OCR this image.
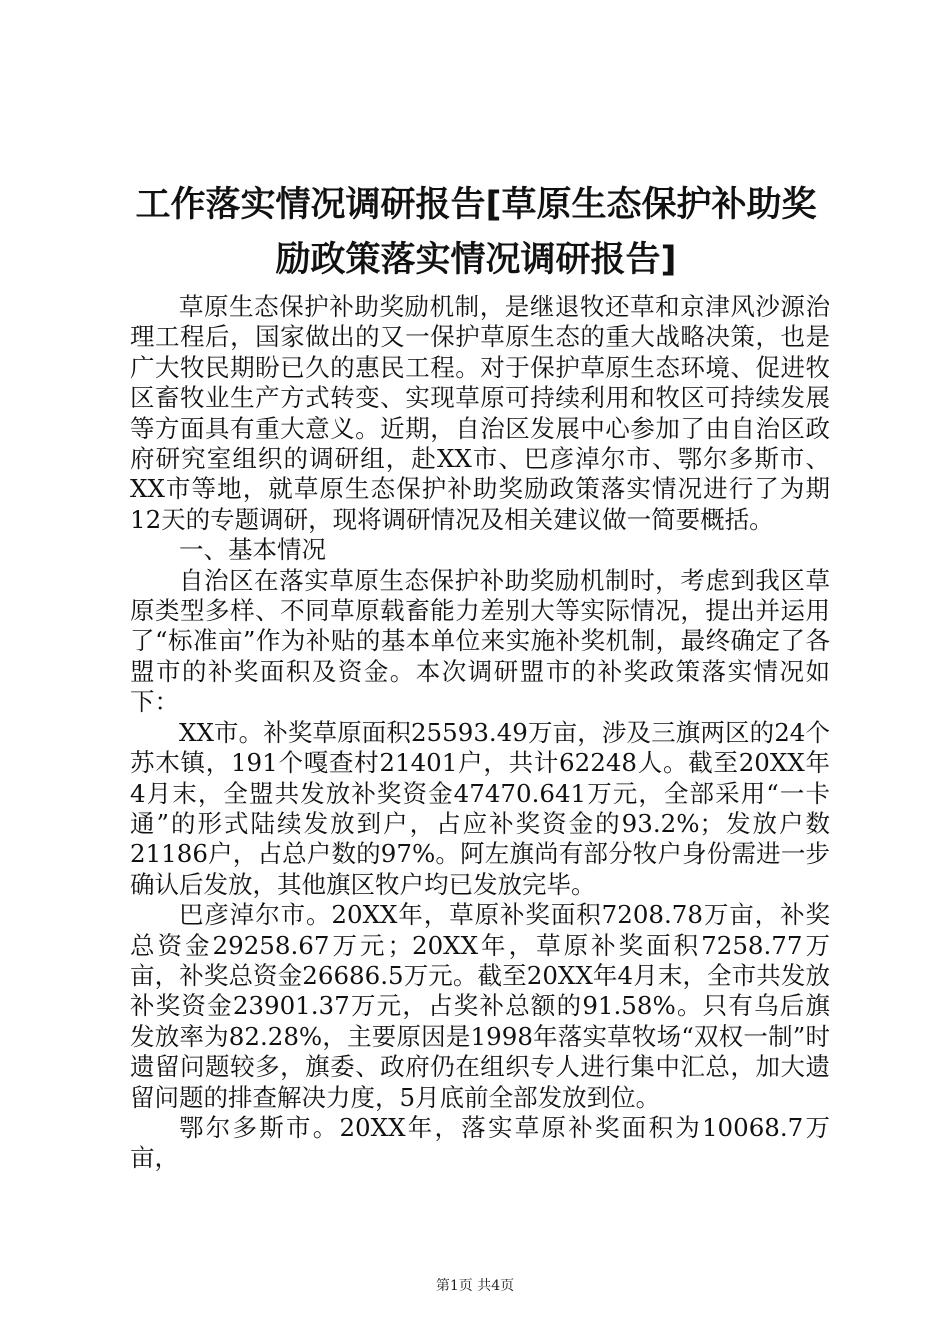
工作落实情况调研报告[草原生态保护补助奖励政策落实情况调研报告]

草原生态保护补助奖励机制，是继退牧还草和京津风沙源治理工程后，国家做出的又一保护草原生态的重大战略决策，也是广大牧民期盼已久的惠民工程。对于保护草原生态环境、促进牧区畜牧业生产方式转变、实现草原可持续利用和牧区可持续发展等方面具有重大意义。近期，自治区发展中心参加了由自治区政府研究室组织的调研组，赴XX市、巴彦淖尔市、鄂尔多斯市、XX市等地，就草原生态保护补助奖励政策落实情况进行了为期12天的专题调研，现将调研情况及相关建议做一简要概括。

一、基本情况

自治区在落实草原生态保护补助奖励机制时，考虑到我区草原类型多样、不同草原载畜能力差别大等实际情况，提出并运用了“标准亩”作为补贴的基本单位来实施补奖机制，最终确定了各盟市的补奖面积及资金。本次调研盟市的补奖政策落实情况如下：

XX市。补奖草原面积25593.49万亩，涉及三旗两区的24个苏木镇，191个嘎查村21401户，共计62248人。截至20XX年4月末，全盟共发放补奖资金47470.641万元，全部采用“一卡通”的形式陆续发放到户，占应补奖资金的93.2%；发放户数21186户，占总户数的97%。阿左旗尚有部分牧户身份需进一步确认后发放，其他旗区牧户均已发放完毕。

巴彦淖尔市。20XX年，草原补奖面积7208.78万亩，补奖总资金29258.67万元；20XX年，草原补奖面积7258.77万亩，补奖总资金26686.5万元。截至20XX年4月末，全市共发放补奖资金23901.37万元，占奖补总额的91.58%。只有乌后旗发放率为82.28%，主要原因是1998年落实草牧场“双权一制”时遗留问题较多，旗委、政府仍在组织专人进行集中汇总，加大遗留问题的排查解决力度，5月底前全部发放到位。

鄂尔多斯市。20XX年，落实草原补奖面积为10068.7万亩，

第1页 共4页
